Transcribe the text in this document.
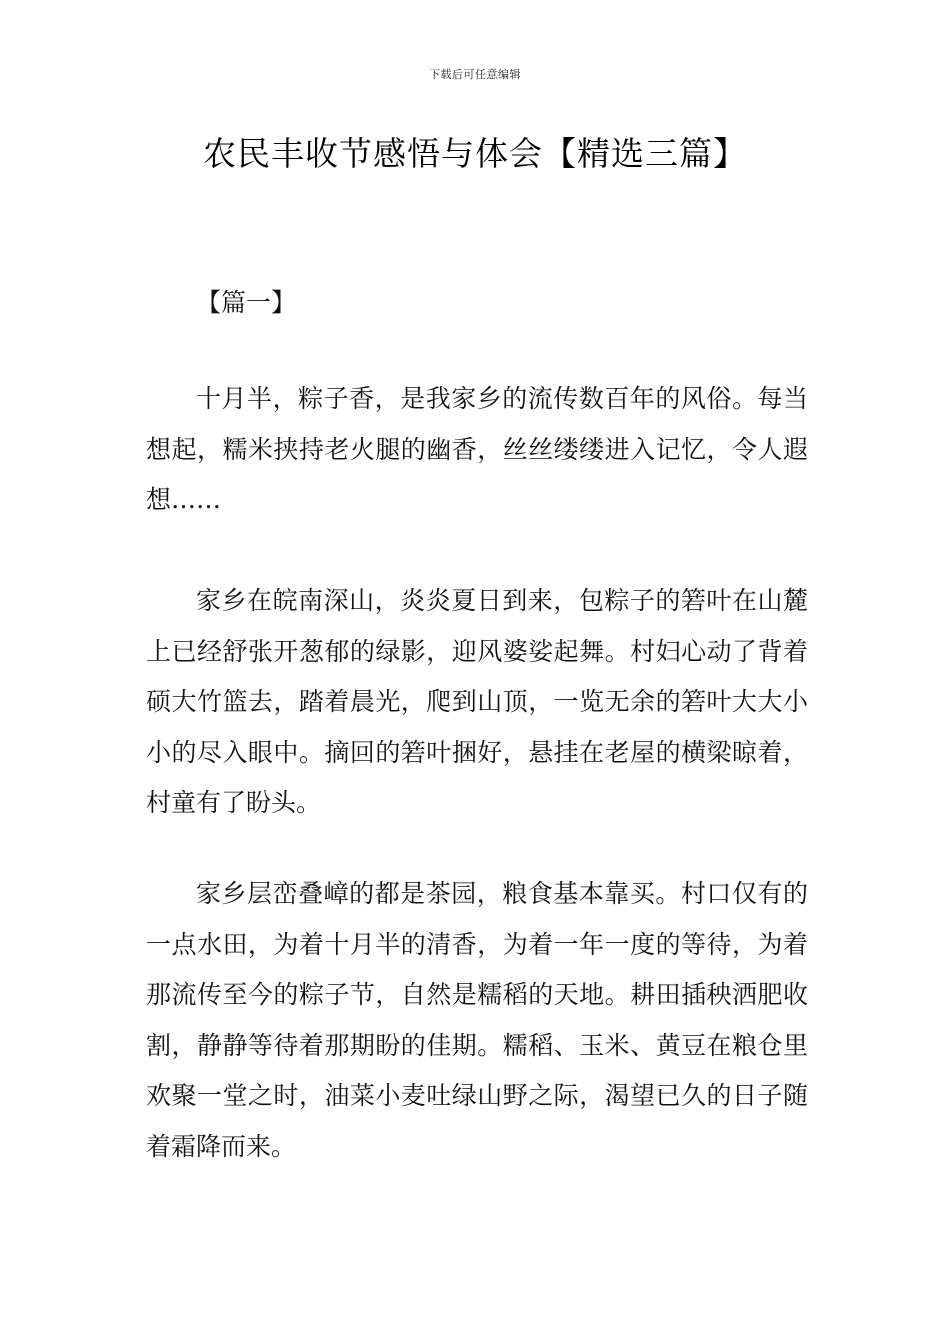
下载后可任意编辑
农民丰收节感悟与体会【精选三篇】
【篇一】

十月半，粽子香，是我家乡的流传数百年的风俗。每当想起，糯米挟持老火腿的幽香，丝丝缕缕进入记忆，令人遐想……

家乡在皖南深山，炎炎夏日到来，包粽子的箬叶在山麓上已经舒张开葱郁的绿影，迎风婆娑起舞。村妇心动了背着硕大竹篮去，踏着晨光，爬到山顶，一览无余的箬叶大大小小的尽入眼中。摘回的箬叶捆好，悬挂在老屋的横梁晾着，村童有了盼头。

家乡层峦叠嶂的都是茶园，粮食基本靠买。村口仅有的一点水田，为着十月半的清香，为着一年一度的等待，为着那流传至今的粽子节，自然是糯稻的天地。耕田插秧洒肥收割，静静等待着那期盼的佳期。糯稻、玉米、黄豆在粮仓里欢聚一堂之时，油菜小麦吐绿山野之际，渴望已久的日子随着霜降而来。
